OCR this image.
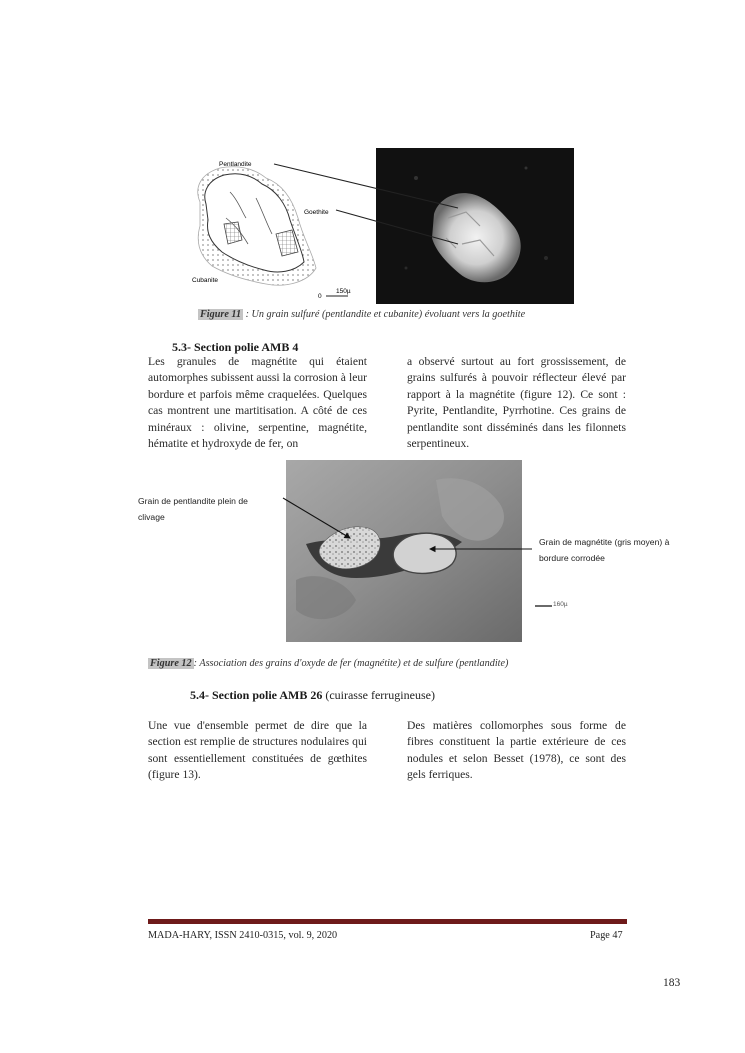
Pentlandite
Goethite
Cubanite
0
150µ
Figure 11 : Un grain sulfuré (pentlandite et cubanite) évoluant vers la goethite
5.3- Section polie AMB 4
Les granules de magnétite qui étaient automorphes subissent aussi la corrosion à leur bordure et parfois même craquelées. Quelques cas montrent une martitisation. A côté de ces minéraux : olivine, serpentine, magnétite, hématite et hydroxyde de fer, on
a observé surtout au fort grossissement, de grains sulfurés à pouvoir réflecteur élevé par rapport à la magnétite (figure 12). Ce sont : Pyrite, Pentlandite, Pyrrhotine. Ces grains de pentlandite sont disséminés dans les filonnets serpentineux.
Grain de pentlandite plein de clivage
Grain de magnétite (gris moyen) à bordure corrodée
160µ
Figure 12 : Association des grains d'oxyde de fer (magnétite) et de sulfure (pentlandite)
5.4- Section polie AMB 26 (cuirasse ferrugineuse)
Une vue d'ensemble permet de dire que la section est remplie de structures nodulaires qui sont essentiellement constituées de gœthites (figure 13).
Des matières collomorphes sous forme de fibres constituent la partie extérieure de ces nodules et selon Besset (1978), ce sont des gels ferriques.
MADA-HARY, ISSN 2410-0315, vol. 9, 2020	Page 47
183
